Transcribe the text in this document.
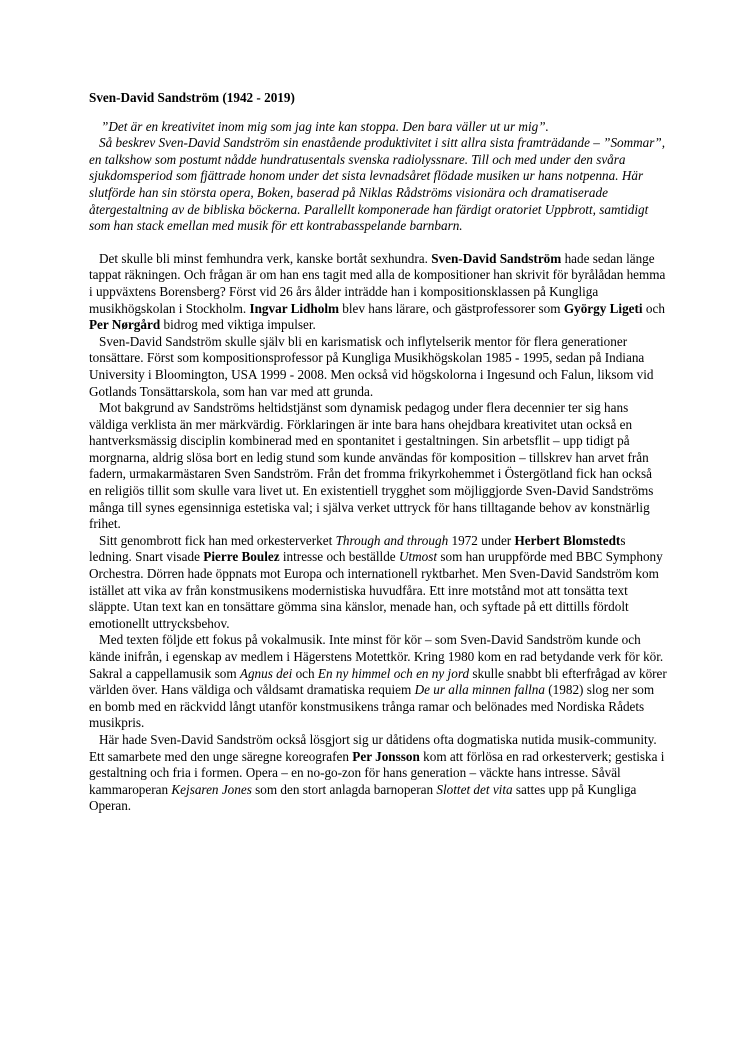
Sven-David Sandström (1942 - 2019)

”Det är en kreativitet inom mig som jag inte kan stoppa. Den bara väller ut ur mig”.

Så beskrev Sven-David Sandström sin enastående produktivitet i sitt allra sista framträdande – ”Sommar”, en talkshow som postumt nådde hundratusentals svenska radiolyssnare. Till och med under den svåra sjukdomsperiod som fjättrade honom under det sista levnadsåret flödade musiken ur hans notpenna. Här slutförde han sin största opera, Boken, baserad på Niklas Rådströms visionära och dramatiserade återgestaltning av de bibliska böckerna. Parallellt komponerade han färdigt oratoriet Uppbrott, samtidigt som han stack emellan med musik för ett kontrabasspelande barnbarn.

Det skulle bli minst femhundra verk, kanske bortåt sexhundra. Sven-David Sandström hade sedan länge tappat räkningen. Och frågan är om han ens tagit med alla de kompositioner han skrivit för byrålådan hemma i uppväxtens Borensberg? Först vid 26 års ålder inträdde han i kompositionsklassen på Kungliga musikhögskolan i Stockholm. Ingvar Lidholm blev hans lärare, och gästprofessorer som György Ligeti och Per Nørgård bidrog med viktiga impulser.

Sven-David Sandström skulle själv bli en karismatisk och inflytelserik mentor för flera generationer tonsättare. Först som kompositionsprofessor på Kungliga Musikhögskolan 1985 - 1995, sedan på Indiana University i Bloomington, USA 1999 - 2008. Men också vid högskolorna i Ingesund och Falun, liksom vid Gotlands Tonsättarskola, som han var med att grunda.

Mot bakgrund av Sandströms heltidstjänst som dynamisk pedagog under flera decennier ter sig hans väldiga verklista än mer märkvärdig. Förklaringen är inte bara hans ohejdbara kreativitet utan också en hantverksmässig disciplin kombinerad med en spontanitet i gestaltningen. Sin arbetsflit – upp tidigt på morgnarna, aldrig slösa bort en ledig stund som kunde användas för komposition – tillskrev han arvet från fadern, urmakarmästaren Sven Sandström. Från det fromma frikyrkohemmet i Östergötland fick han också en religiös tillit som skulle vara livet ut. En existentiell trygghet som möjliggjorde Sven-David Sandströms många till synes egensinniga estetiska val; i själva verket uttryck för hans tilltagande behov av konstnärlig frihet.

Sitt genombrott fick han med orkesterverket Through and through 1972 under Herbert Blomstedts ledning. Snart visade Pierre Boulez intresse och beställde Utmost som han uruppförde med BBC Symphony Orchestra. Dörren hade öppnats mot Europa och internationell ryktbarhet. Men Sven-David Sandström kom istället att vika av från konstmusikens modernistiska huvudfåra. Ett inre motstånd mot att tonsätta text släppte. Utan text kan en tonsättare gömma sina känslor, menade han, och syftade på ett dittills fördolt emotionellt uttrycksbehov.

Med texten följde ett fokus på vokalmusik. Inte minst för kör – som Sven-David Sandström kunde och kände inifrån, i egenskap av medlem i Hägerstens Motettkör. Kring 1980 kom en rad betydande verk för kör. Sakral a cappellamusik som Agnus dei och En ny himmel och en ny jord skulle snabbt bli efterfrågad av körer världen över. Hans väldiga och våldsamt dramatiska requiem De ur alla minnen fallna (1982) slog ner som en bomb med en räckvidd långt utanför konstmusikens trånga ramar och belönades med Nordiska Rådets musikpris.

Här hade Sven-David Sandström också lösgjort sig ur dåtidens ofta dogmatiska nutida musik-community. Ett samarbete med den unge säregne koreografen Per Jonsson kom att förlösa en rad orkesterverk; gestiska i gestaltning och fria i formen. Opera – en no-go-zon för hans generation – väckte hans intresse. Såväl kammaroperan Kejsaren Jones som den stort anlagda barnoperan Slottet det vita sattes upp på Kungliga Operan.
